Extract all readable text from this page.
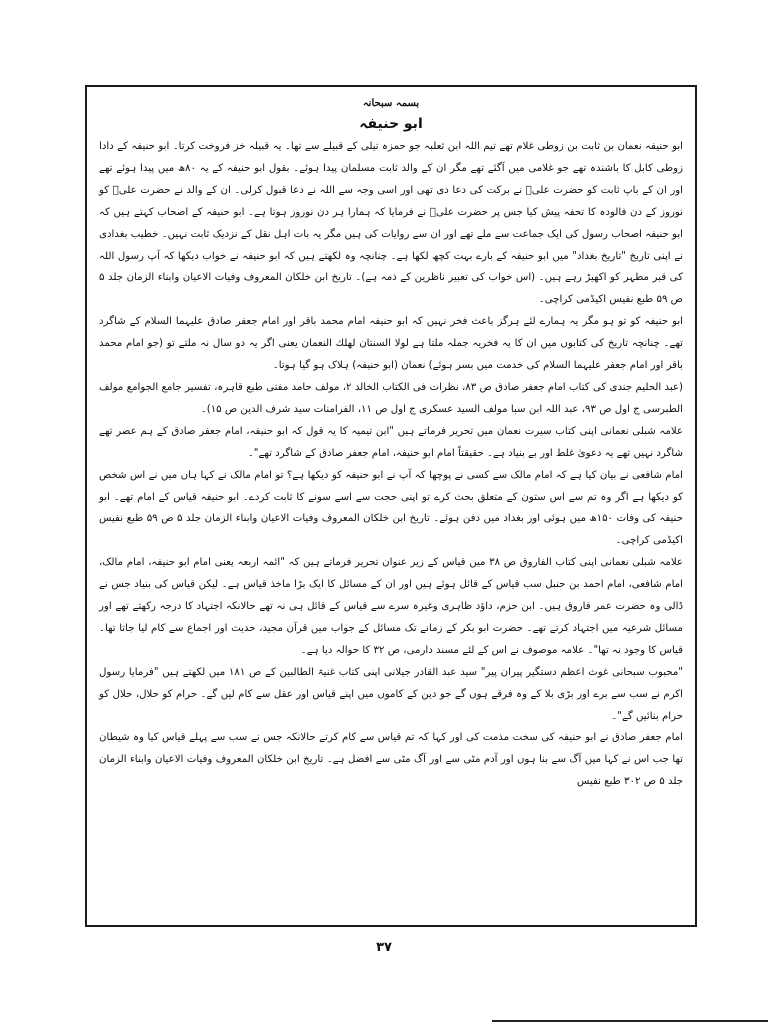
بسمہ سبحانہ
ابو حنیفہ

ابو حنیفہ نعمان بن ثابت بن زوطی غلام تھے تیم اللہ ابن ثعلبہ جو حمزہ تیلی کے قبیلے سے تھا۔ یہ قبیلہ خز فروخت کرتا۔ ابو حنیفہ کے دادا زوطی کابل کا باشندہ تھے جو غلامی میں آگئے تھے مگر ان کے والد ثابت مسلمان پیدا ہوئے۔ بقول ابو حنیفہ کے یہ ۸۰ھ میں پیدا ہوئے تھے اور ان کے باپ ثابت کو حضرت علیؑ نے برکت کی دعا دی تھی اور اسی وجہ سے اللہ نے دعا قبول کرلی۔ ان کے والد نے حضرت علیؑ کو نوروز کے دن فالودہ کا تحفہ پیش کیا جس پر حضرت علیؑ نے فرمایا کہ ہمارا ہر دن نوروز ہوتا ہے۔ ابو حنیفہ کے اصحاب کہتے ہیں کہ ابو حنیفہ اصحاب رسول کی ایک جماعت سے ملے تھے اور ان سے روایات کی ہیں مگر یہ بات اہل نقل کے نزدیک ثابت نہیں۔ خطیب بغدادی نے اپنی تاریخ "تاریخ بغداد" میں ابو حنیفہ کے بارے بہت کچھ لکھا ہے۔ چنانچہ وہ لکھتے ہیں کہ ابو حنیفہ نے خواب دیکھا کہ آپ رسول اللہ کی قبر مطہر کو اکھیڑ رہے ہیں۔ (اس خواب کی تعبیر ناظرین کے ذمہ ہے)۔ تاریخ ابن خلکان المعروف وفیات الاعیان وابناء الزمان جلد ۵ ص ۵۹ طبع نفیس اکیڈمی کراچی۔

ابو حنیفہ کو تو ہو مگر یہ ہمارے لئے ہرگز باعث فخر نہیں کہ ابو حنیفہ امام محمد باقر اور امام جعفر صادق علیہما السلام کے شاگرد تھے۔ چنانچہ تاریخ کی کتابوں میں ان کا یہ فخریہ جملہ ملتا ہے لولا السنتان لهلك النعمان یعنی اگر یہ دو سال نہ ملتے تو (جو امام محمد باقر اور امام جعفر علیہما السلام کی خدمت میں بسر ہوئے) نعمان (ابو حنیفہ) ہلاک ہو گیا ہوتا۔

(عبد الحلیم جندی کی کتاب امام جعفر صادق ص ۸۳، نظرات فی الکتاب الخالد ۲، مولف حامد مفتی طبع قاہرہ، تفسیر جامع الجوامع مولف الطبرسی ج اول ص ۹۳، عبد اللہ ابن سبا مولف السید عسکری ج اول ص ۱۱، الفرامنات سید شرف الدین ص ۱۵)۔

علامہ شبلی نعمانی اپنی کتاب سیرت نعمان میں تحریر فرماتے ہیں "ابن تیمیہ کا یہ قول کہ ابو حنیفہ، امام جعفر صادق کے ہم عصر تھے شاگرد نہیں تھے یہ دعویٰ غلط اور بے بنیاد ہے۔ حقیقتاً امام ابو حنیفہ، امام جعفر صادق کے شاگرد تھے"۔

امام شافعی نے بیان کیا ہے کہ امام مالک سے کسی نے پوچھا کہ آپ نے ابو حنیفہ کو دیکھا ہے؟ تو امام مالک نے کہا ہاں میں نے اس شخص کو دیکھا ہے اگر وہ تم سے اس ستون کے متعلق بحث کرے تو اپنی حجت سے اسے سونے کا ثابت کردے۔ ابو حنیفہ قیاس کے امام تھے۔ ابو حنیفہ کی وفات ۱۵۰ھ میں ہوئی اور بغداد میں دفن ہوئے۔ تاریخ ابن خلکان المعروف وفیات الاعیان وابناء الزمان جلد ۵ ص ۵۹ طبع نفیس اکیڈمی کراچی۔

علامہ شبلی نعمانی اپنی کتاب الفاروق ص ۳۸ میں قیاس کے زیر عنوان تحریر فرماتے ہیں کہ "ائمہ اربعہ یعنی امام ابو حنیفہ، امام مالک، امام شافعی، امام احمد بن حنبل سب قیاس کے قائل ہوئے ہیں اور ان کے مسائل کا ایک بڑا ماخذ قیاس ہے۔ لیکن قیاس کی بنیاد جس نے ڈالی وہ حضرت عمر فاروق ہیں۔ ابن حزم، داؤد ظاہری وغیرہ سرے سے قیاس کے قائل ہی نہ تھے حالانکہ اجتہاد کا درجہ رکھتے تھے اور مسائل شرعیہ میں اجتہاد کرتے تھے۔ حضرت ابو بکر کے زمانے تک مسائل کے جواب میں قرآن مجید، حدیث اور اجماع سے کام لیا جاتا تھا۔ قیاس کا وجود نہ تھا"۔ علامہ موصوف نے اس کے لئے مسند دارمی، ص ۳۲ کا حوالہ دیا ہے۔

"محبوب سبحانی غوث اعظم دستگیر پیران پیر" سید عبد القادر جیلانی اپنی کتاب غنیۃ الطالبین کے ص ۱۸۱ میں لکھتے ہیں "فرمایا رسول اکرم نے سب سے برے اور بڑی بلا کے وہ فرقے ہوں گے جو دین کے کاموں میں اپنے قیاس اور عقل سے کام لیں گے۔ حرام کو حلال، حلال کو حرام بنائیں گے"۔

امام جعفر صادق نے ابو حنیفہ کی سخت مذمت کی اور کہا کہ تم قیاس سے کام کرتے حالانکہ جس نے سب سے پہلے قیاس کیا وہ شیطان تھا جب اس نے کہا میں آگ سے بنا ہوں اور آدم مٹی سے اور آگ مٹی سے افضل ہے۔ تاریخ ابن خلکان المعروف وفیات الاعیان وابناء الزمان جلد ۵ ص ۳۰۲ طبع نفیس

۳۷
